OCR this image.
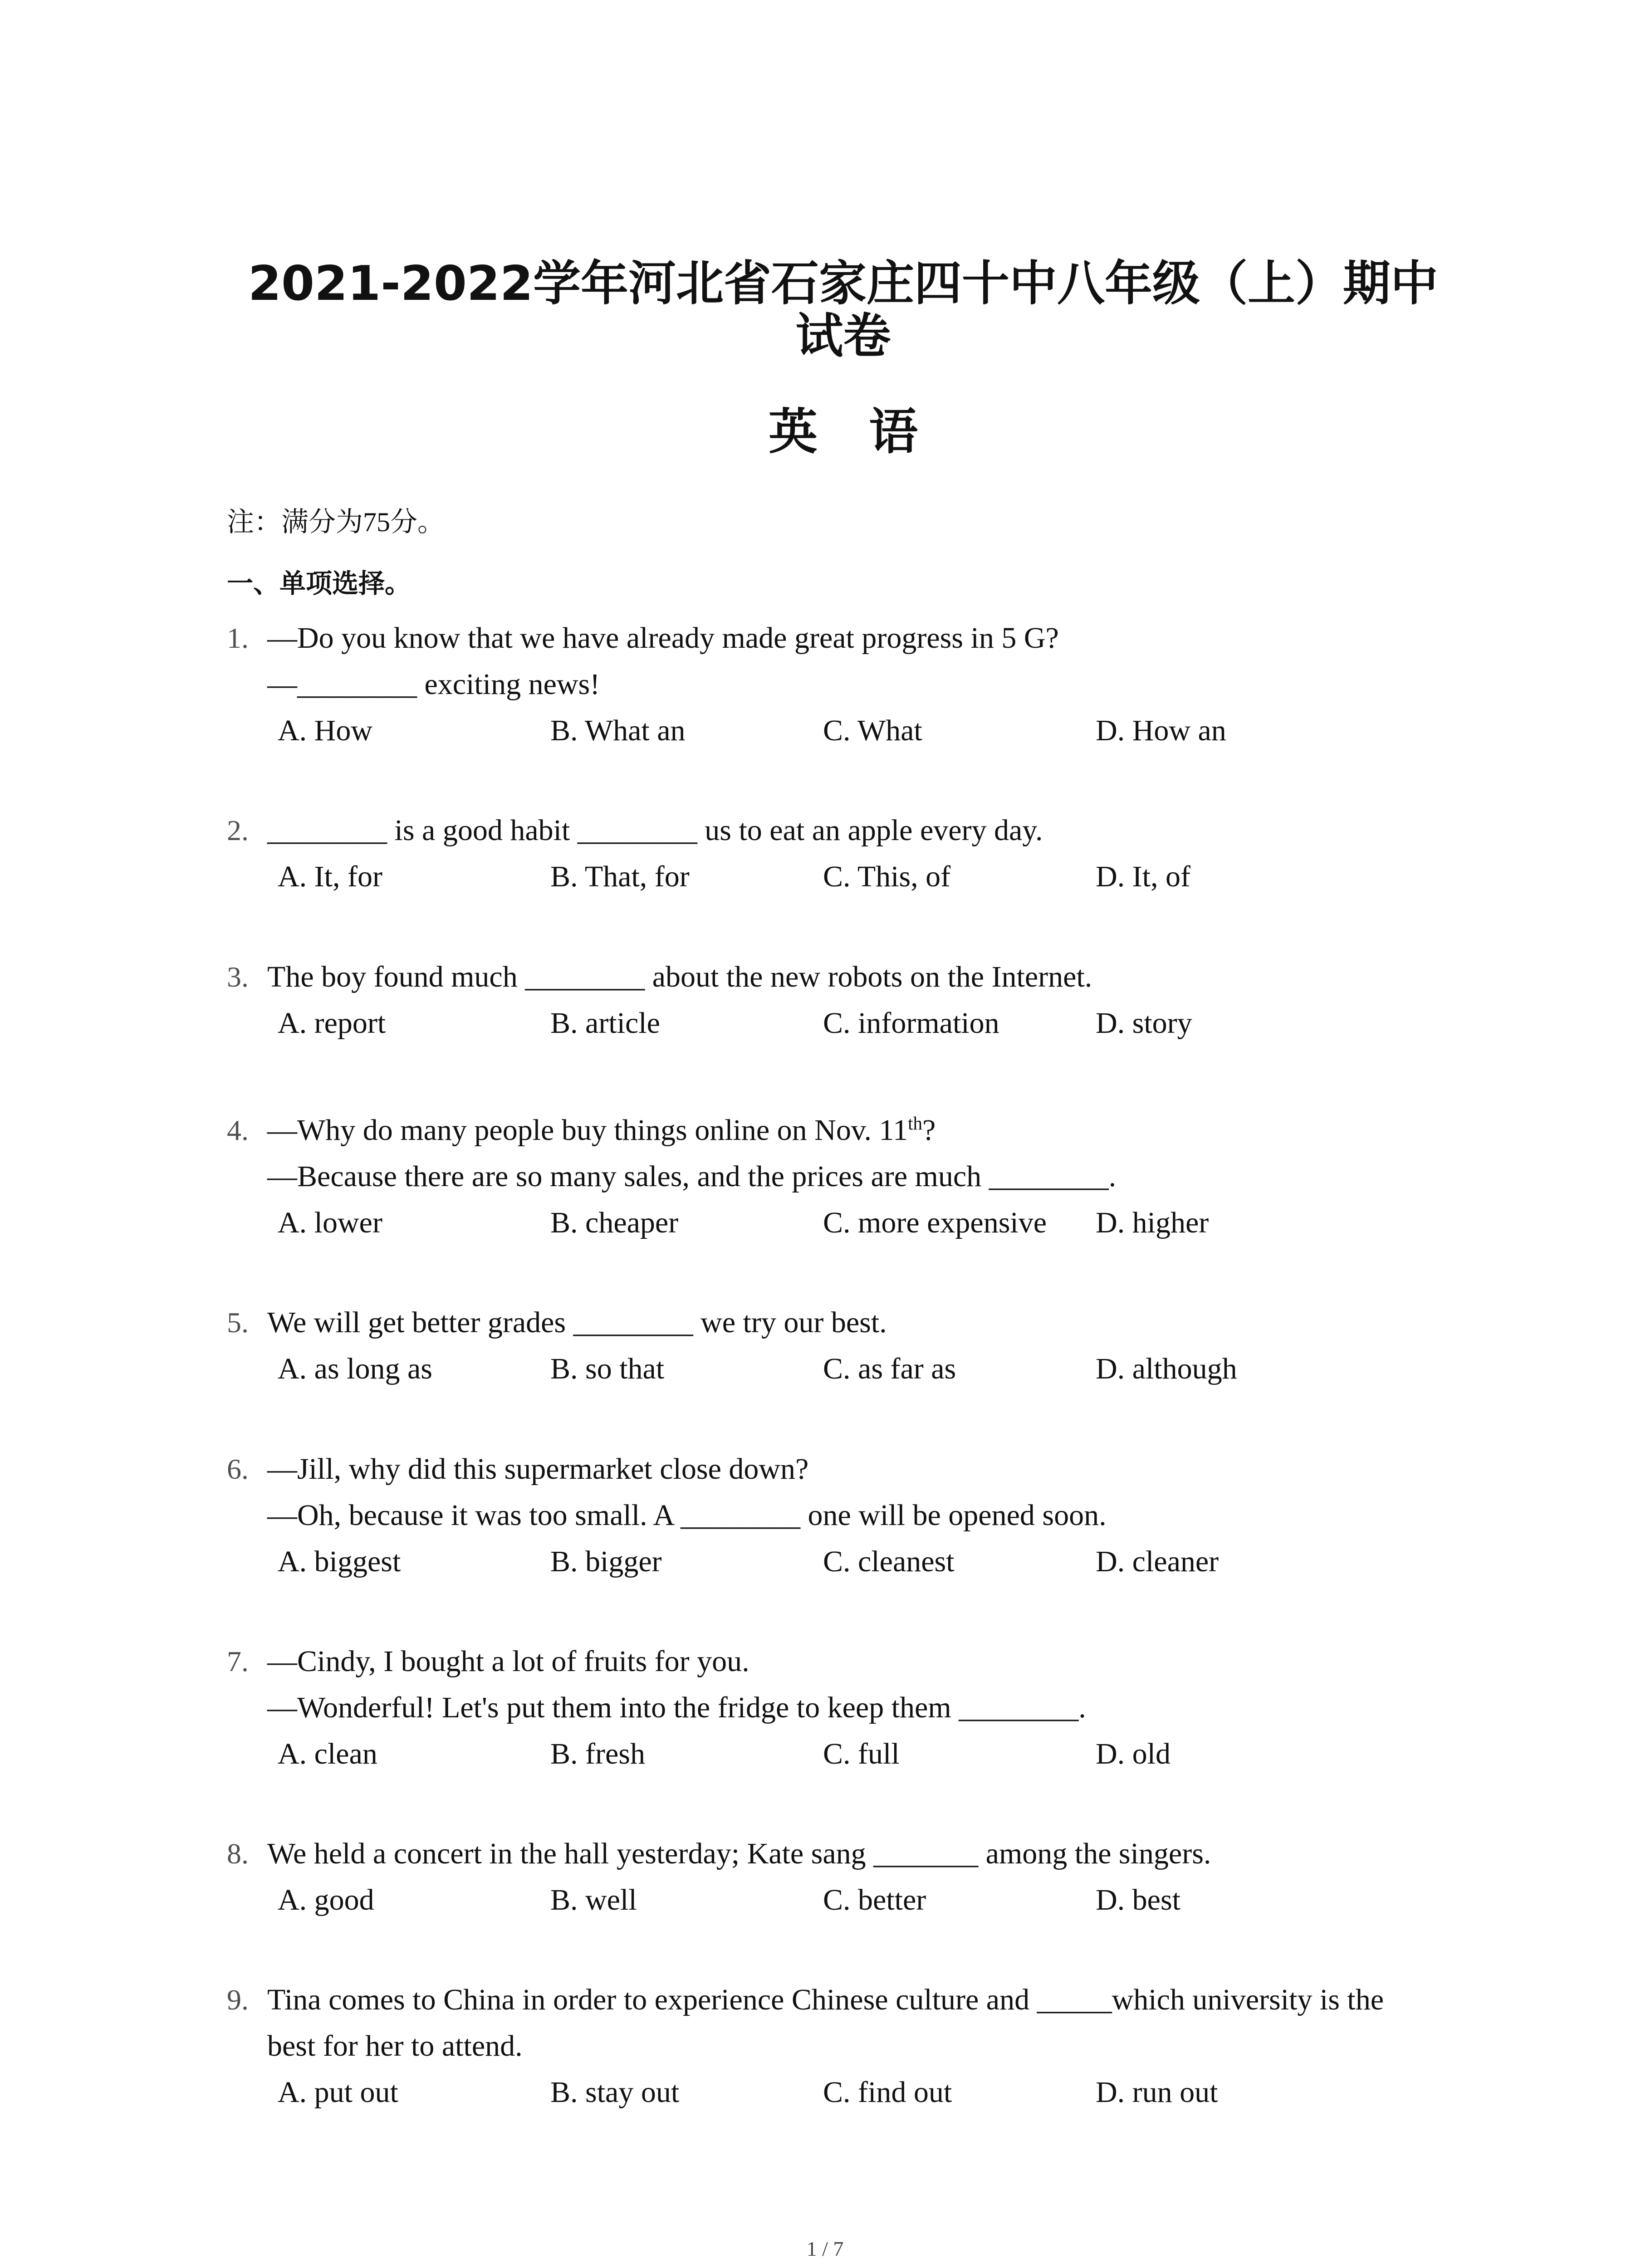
2021-2022学年河北省石家庄四十中八年级（上）期中
试卷
英 语
注：满分为75分。
一、单项选择。
1. —Do you know that we have already made great progress in 5 G?
—________ exciting news!
A. How	B. What an	C. What	D. How an
2. ________ is a good habit ________ us to eat an apple every day.
A. It, for	B. That, for	C. This, of	D. It, of
3. The boy found much ________ about the new robots on the Internet.
A. report	B. article	C. information	D. story
4. —Why do many people buy things online on Nov. 11th?
—Because there are so many sales, and the prices are much ________.
A. lower	B. cheaper	C. more expensive D. higher
5. We will get better grades ________ we try our best.
A. as long as	B. so that	C. as far as	D. although
6. —Jill, why did this supermarket close down?
—Oh, because it was too small. A ________ one will be opened soon.
A. biggest	B. bigger	C. cleanest	D. cleaner
7. —Cindy, I bought a lot of fruits for you.
—Wonderful! Let's put them into the fridge to keep them ________.
A. clean	B. fresh	C. full	D. old
8. We held a concert in the hall yesterday; Kate sang _______ among the singers.
A. good	B. well	C. better	D. best
9. Tina comes to China in order to experience Chinese culture and _____which university is the
best for her to attend.
A. put out	B. stay out	C. find out	D. run out
1 / 7
